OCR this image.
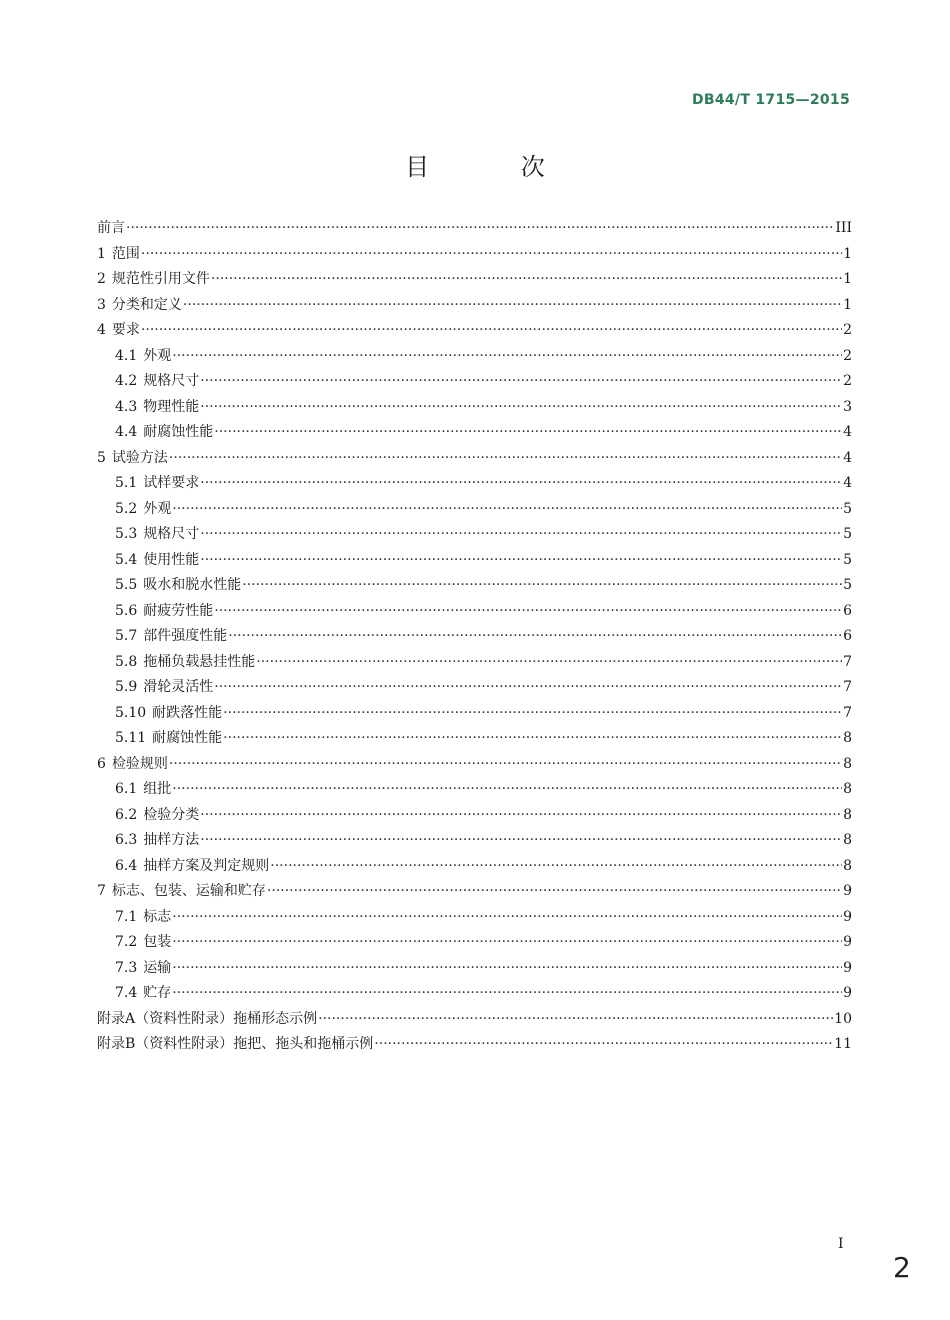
DB44/T 1715—2015
目 次
前言 ·····	III
1 范围 ·····	1
2 规范性引用文件 ·····	1
3 分类和定义 ·····	1
4 要求 ·····	2
4.1 外观 ·····	2
4.2 规格尺寸 ·····	2
4.3 物理性能 ·····	3
4.4 耐腐蚀性能 ·····	4
5 试验方法 ·····	4
5.1 试样要求 ·····	4
5.2 外观 ·····	5
5.3 规格尺寸 ·····	5
5.4 使用性能 ·····	5
5.5 吸水和脱水性能 ·····	5
5.6 耐疲劳性能 ·····	6
5.7 部件强度性能 ·····	6
5.8 拖桶负载悬挂性能 ·····	7
5.9 滑轮灵活性 ·····	7
5.10 耐跌落性能 ·····	7
5.11 耐腐蚀性能 ·····	8
6 检验规则 ·····	8
6.1 组批 ·····	8
6.2 检验分类 ·····	8
6.3 抽样方法 ·····	8
6.4 抽样方案及判定规则 ·····	8
7 标志、包装、运输和贮存 ·····	9
7.1 标志 ·····	9
7.2 包装 ·····	9
7.3 运输 ·····	9
7.4 贮存 ·····	9
附录A（资料性附录）拖桶形态示例 ·····	10
附录B（资料性附录）拖把、拖头和拖桶示例 ·····	11
I
2
